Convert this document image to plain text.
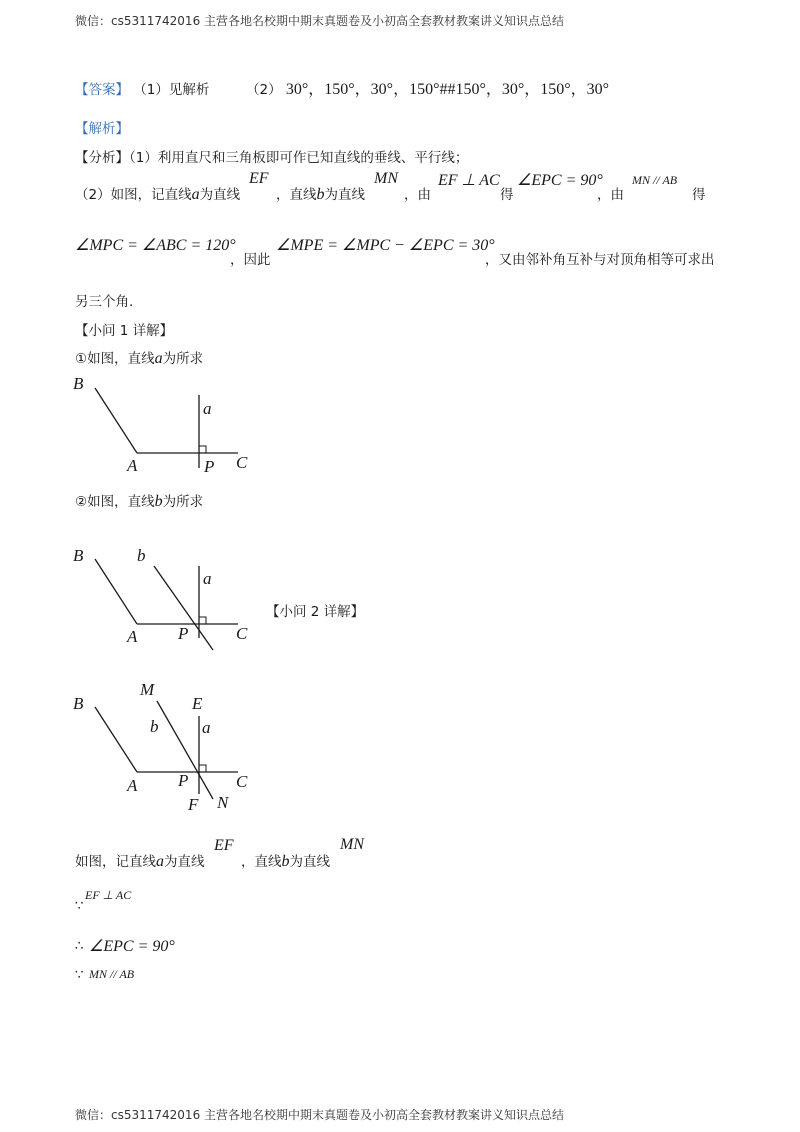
微信：cs5311742016 主营各地名校期中期末真题卷及小初高全套教材教案讲义知识点总结
【答案】 （1）见解析	（2） 30°，150°，30°，150°##150°，30°，150°，30°
【解析】
【分析】（1）利用直尺和三角板即可作已知直线的垂线、平行线；
（2）如图，记直线a为直线
EF
，直线b为直线
MN
，由
EF ⊥ AC
得
∠EPC = 90°
，由
MN // AB
得
∠MPC = ∠ABC = 120°
，因此
∠MPE = ∠MPC − ∠EPC = 30°
，又由邻补角互补与对顶角相等可求出
另三个角.
【小问 1 详解】
①如图，直线a为所求
B
A	P C
a
②如图，直线b为所求
B	b
a
A P	C
【小问 2 详解】
B
M
E
a
b
A P	C
F N
如图，记直线a为直线
EF
，直线b为直线
MN
∵
EF ⊥ AC
∴ ∠EPC = 90°
∵ MN // AB
微信：cs5311742016 主营各地名校期中期末真题卷及小初高全套教材教案讲义知识点总结
